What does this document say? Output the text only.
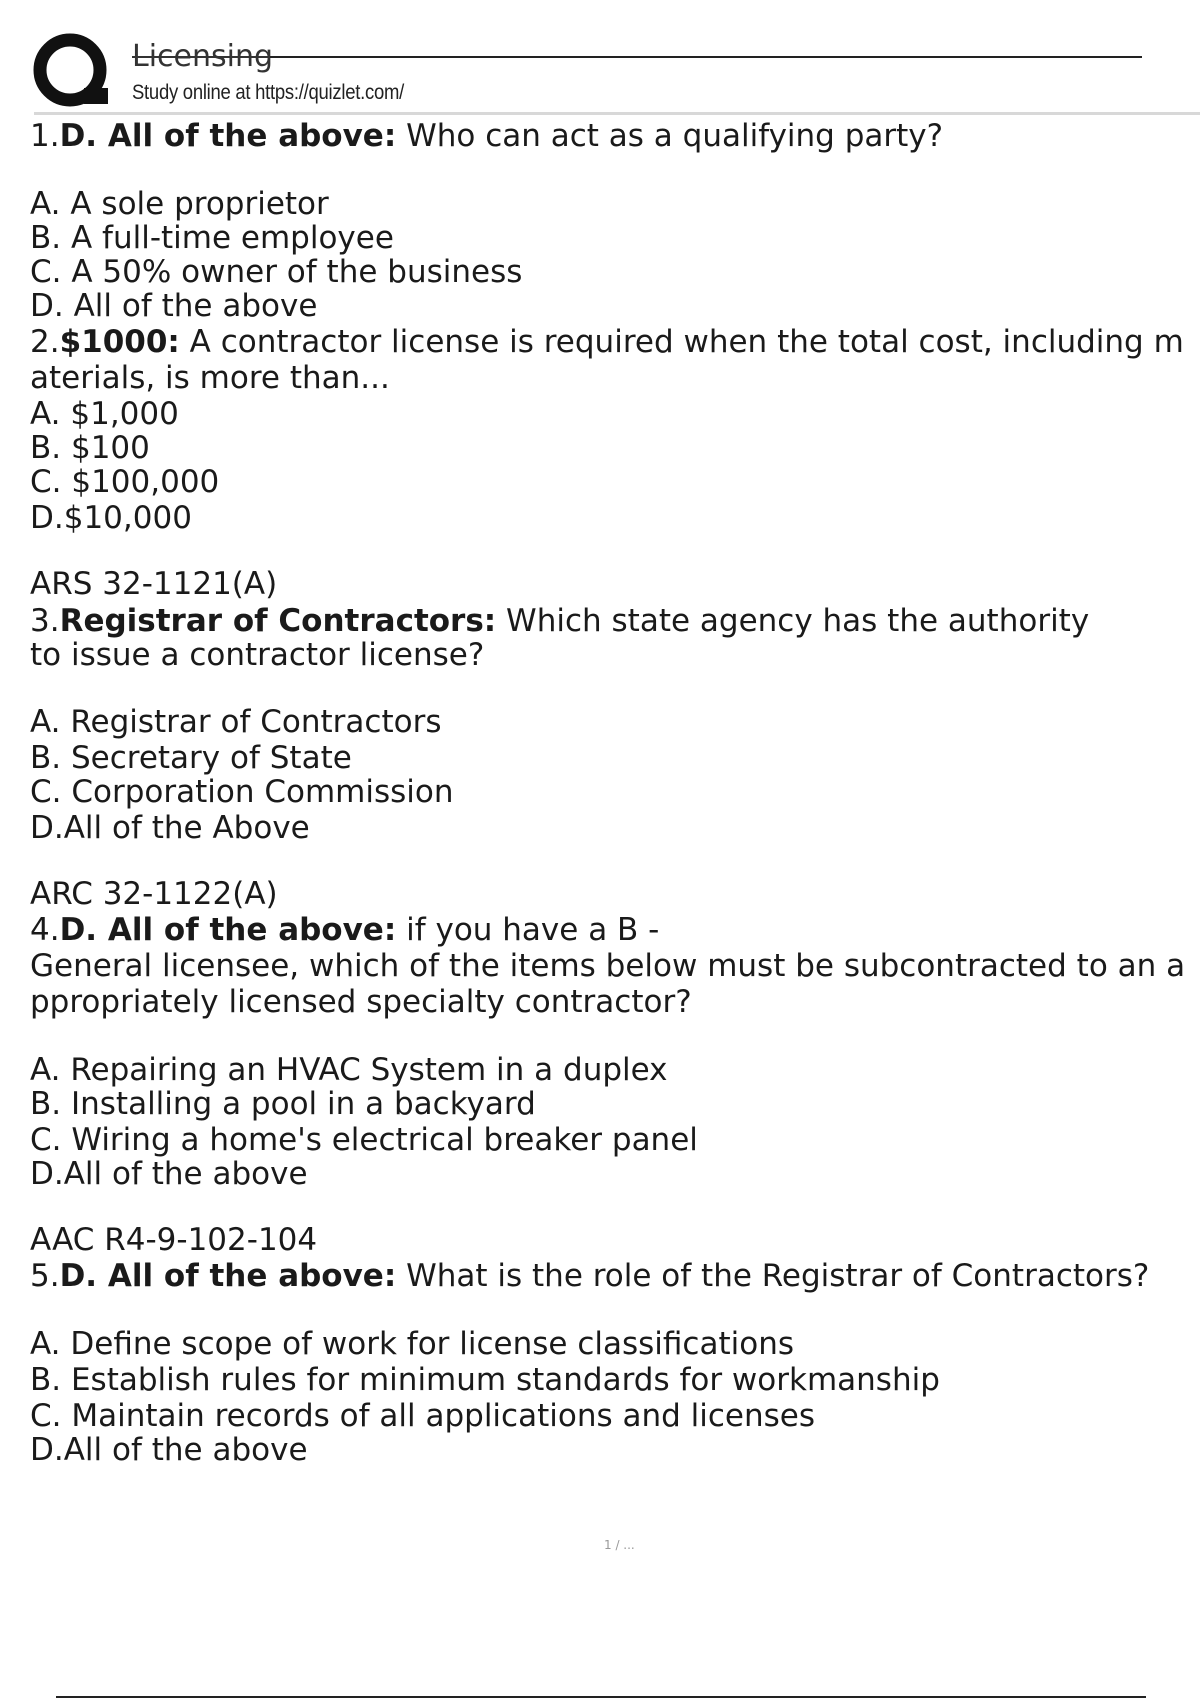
Licensing
Study online at https://quizlet.com/
1.D. All of the above: Who can act as a qualifying party?
A. A sole proprietor
B. A full-time employee
C. A 50% owner of the business
D. All of the above
2.$1000: A contractor license is required when the total cost, including materials, is more than...
A. $1,000
B. $100
C. $100,000
D.$10,000
ARS 32-1121(A)
3.Registrar of Contractors: Which state agency has the authority to issue a contractor license?
A. Registrar of Contractors
B. Secretary of State
C. Corporation Commission
D.All of the Above
ARC 32-1122(A)
4.D. All of the above: if you have a B -
General licensee, which of the items below must be subcontracted to an appropriately licensed specialty contractor?
A. Repairing an HVAC System in a duplex
B. Installing a pool in a backyard
C. Wiring a home's electrical breaker panel
D.All of the above
AAC R4-9-102-104
5.D. All of the above: What is the role of the Registrar of Contractors?
A. Define scope of work for license classifications
B. Establish rules for minimum standards for workmanship
C. Maintain records of all applications and licenses
D.All of the above
1 / ...
